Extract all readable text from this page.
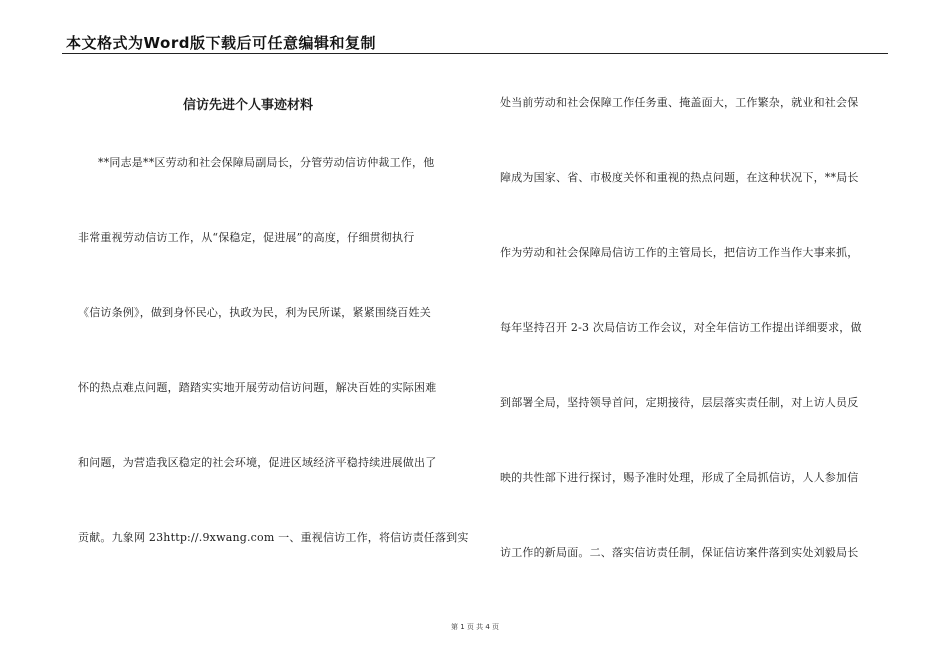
本文格式为Word版下载后可任意编辑和复制
信访先进个人事迹材料
**同志是**区劳动和社会保障局副局长，分管劳动信访仲裁工作，他
非常重视劳动信访工作，从“保稳定，促进展”的高度，仔细贯彻执行
《信访条例》，做到身怀民心，执政为民，利为民所谋，紧紧围绕百姓关
怀的热点难点问题，踏踏实实地开展劳动信访问题，解决百姓的实际困难
和问题，为营造我区稳定的社会环境，促进区域经济平稳持续进展做出了
贡献。九象网 23http://.9xwang.com 一、重视信访工作，将信访责任落到实
处当前劳动和社会保障工作任务重、掩盖面大，工作繁杂，就业和社会保
障成为国家、省、市极度关怀和重视的热点问题，在这种状况下，**局长
作为劳动和社会保障局信访工作的主管局长，把信访工作当作大事来抓，
每年坚持召开 2-3 次局信访工作会议，对全年信访工作提出详细要求，做
到部署全局，坚持领导首问，定期接待，层层落实责任制，对上访人员反
映的共性部下进行探讨，赐予准时处理，形成了全局抓信访，人人参加信
访工作的新局面。二、落实信访责任制，保证信访案件落到实处刘毅局长
第 1 页 共 4 页
